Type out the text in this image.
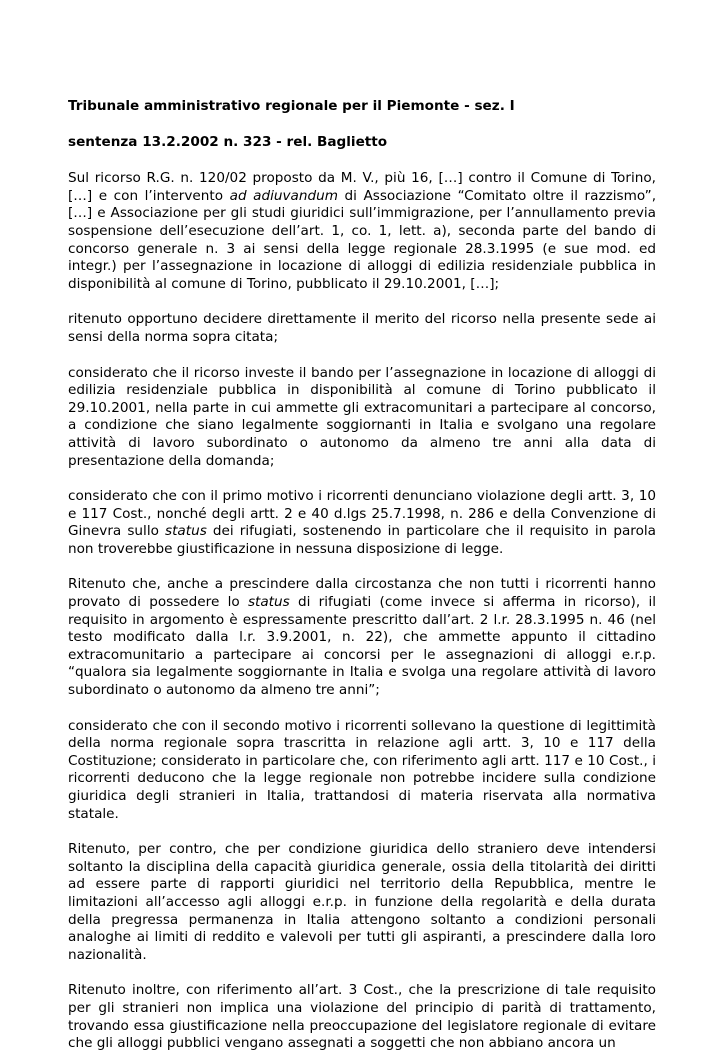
Tribunale amministrativo regionale per il Piemonte - sez. I

sentenza 13.2.2002 n. 323 - rel. Baglietto

Sul ricorso R.G. n. 120/02 proposto da M. V., più 16, […] contro il Comune di Torino, […] e con l’intervento ad adiuvandum di Associazione “Comitato oltre il razzismo”, […] e Associazione per gli studi giuridici sull’immigrazione, per l’annullamento previa sospensione dell’esecuzione dell’art. 1, co. 1, lett. a), seconda parte del bando di concorso generale n. 3 ai sensi della legge regionale 28.3.1995 (e sue mod. ed integr.) per l’assegnazione in locazione di alloggi di edilizia residenziale pubblica in disponibilità al comune di Torino, pubblicato il 29.10.2001, […];

ritenuto opportuno decidere direttamente il merito del ricorso nella presente sede ai sensi della norma sopra citata;

considerato che il ricorso investe il bando per l’assegnazione in locazione di alloggi di edilizia residenziale pubblica in disponibilità al comune di Torino pubblicato il 29.10.2001, nella parte in cui ammette gli extracomunitari a partecipare al concorso, a condizione che siano legalmente soggiornanti in Italia e svolgano una regolare attività di lavoro subordinato o autonomo da almeno tre anni alla data di presentazione della domanda;

considerato che con il primo motivo i ricorrenti denunciano violazione degli artt. 3, 10 e 117 Cost., nonché degli artt. 2 e 40 d.lgs 25.7.1998, n. 286 e della Convenzione di Ginevra sullo status dei rifugiati, sostenendo in particolare che il requisito in parola non troverebbe giustificazione in nessuna disposizione di legge.

Ritenuto che, anche a prescindere dalla circostanza che non tutti i ricorrenti hanno provato di possedere lo status di rifugiati (come invece si afferma in ricorso), il requisito in argomento è espressamente prescritto dall’art. 2 l.r. 28.3.1995 n. 46 (nel testo modificato dalla l.r. 3.9.2001, n. 22), che ammette appunto il cittadino extracomunitario a partecipare ai concorsi per le assegnazioni di alloggi e.r.p. “qualora sia legalmente soggiornante in Italia e svolga una regolare attività di lavoro subordinato o autonomo da almeno tre anni”;

considerato che con il secondo motivo i ricorrenti sollevano la questione di legittimità della norma regionale sopra trascritta in relazione agli artt. 3, 10 e 117 della Costituzione; considerato in particolare che, con riferimento agli artt. 117 e 10 Cost., i ricorrenti deducono che la legge regionale non potrebbe incidere sulla condizione giuridica degli stranieri in Italia, trattandosi di materia riservata alla normativa statale.

Ritenuto, per contro, che per condizione giuridica dello straniero deve intendersi soltanto la disciplina della capacità giuridica generale, ossia della titolarità dei diritti ad essere parte di rapporti giuridici nel territorio della Repubblica, mentre le limitazioni all’accesso agli alloggi e.r.p. in funzione della regolarità e della durata della pregressa permanenza in Italia attengono soltanto a condizioni personali analoghe ai limiti di reddito e valevoli per tutti gli aspiranti, a prescindere dalla loro nazionalità.

Ritenuto inoltre, con riferimento all’art. 3 Cost., che la prescrizione di tale requisito per gli stranieri non implica una violazione del principio di parità di trattamento, trovando essa giustificazione nella preoccupazione del legislatore regionale di evitare che gli alloggi pubblici vengano assegnati a soggetti che non abbiano ancora un
